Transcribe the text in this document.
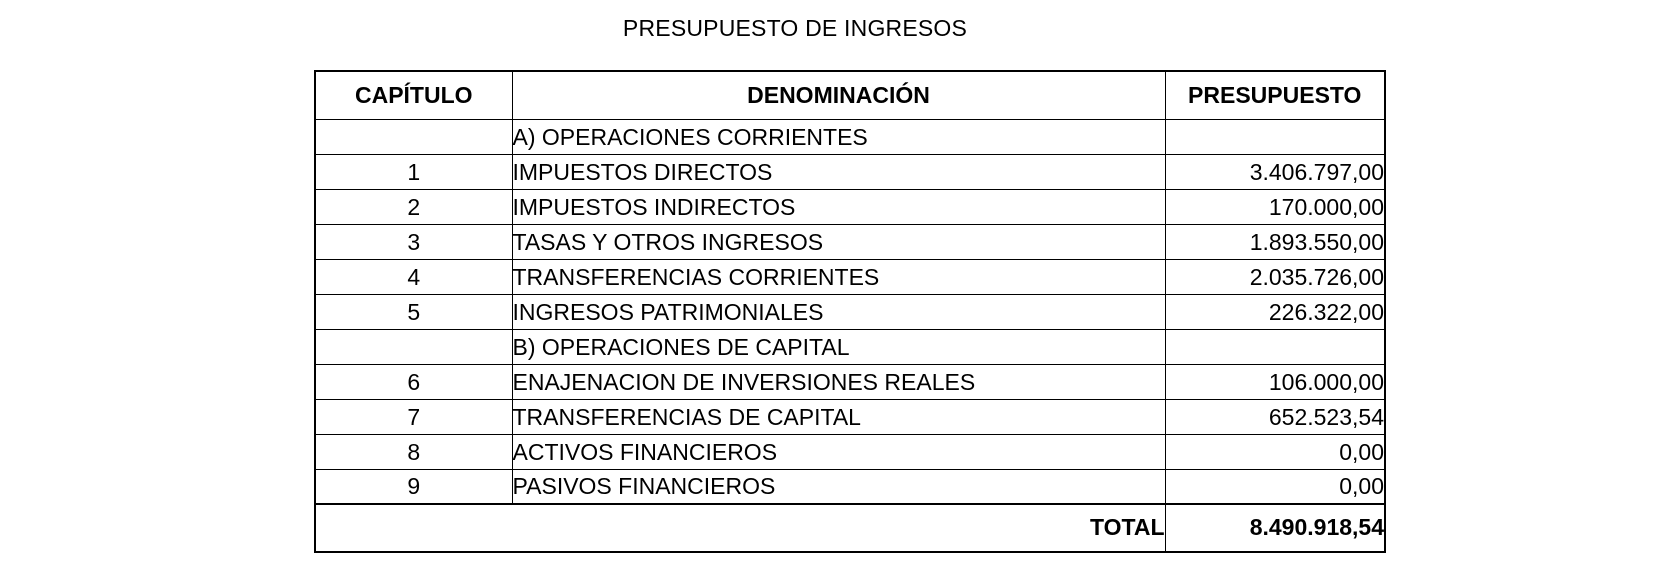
PRESUPUESTO DE INGRESOS
CAPÍTULO	DENOMINACIÓN	PRESUPUESTO
	A) OPERACIONES CORRIENTES	
1	IMPUESTOS DIRECTOS	3.406.797,00
2	IMPUESTOS INDIRECTOS	170.000,00
3	TASAS Y OTROS INGRESOS	1.893.550,00
4	TRANSFERENCIAS CORRIENTES	2.035.726,00
5	INGRESOS PATRIMONIALES	226.322,00
	B) OPERACIONES DE CAPITAL	
6	ENAJENACION DE INVERSIONES REALES	106.000,00
7	TRANSFERENCIAS DE CAPITAL	652.523,54
8	ACTIVOS FINANCIEROS	0,00
9	PASIVOS FINANCIEROS	0,00
TOTAL		8.490.918,54
